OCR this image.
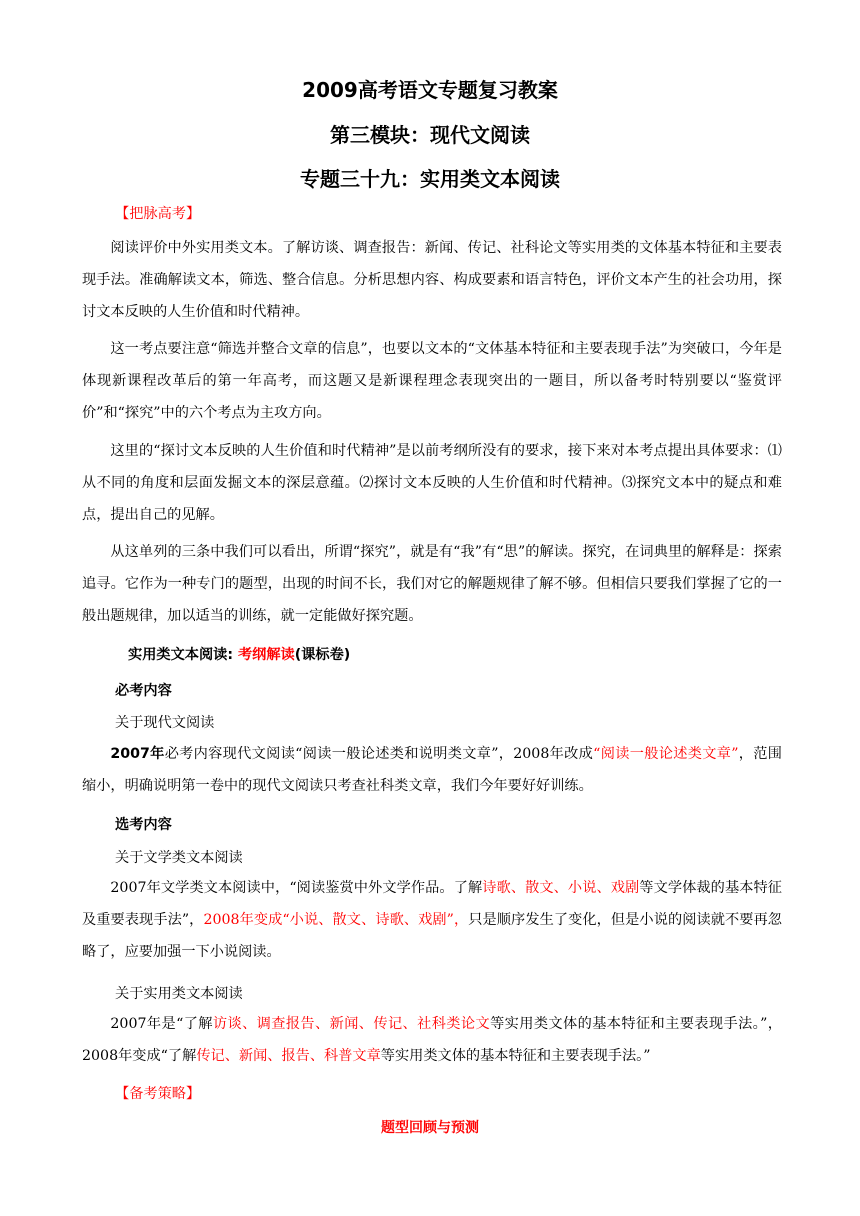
2009高考语文专题复习教案
第三模块：现代文阅读
专题三十九：实用类文本阅读
【把脉高考】

阅读评价中外实用类文本。了解访谈、调查报告：新闻、传记、社科论文等实用类的文体基本特征和主要表现手法。准确解读文本，筛选、整合信息。分析思想内容、构成要素和语言特色，评价文本产生的社会功用，探讨文本反映的人生价值和时代精神。

这一考点要注意“筛选并整合文章的信息”，也要以文本的“文体基本特征和主要表现手法”为突破口，今年是体现新课程改革后的第一年高考，而这题又是新课程理念表现突出的一题目，所以备考时特别要以“鉴赏评价”和“探究”中的六个考点为主攻方向。

这里的“探讨文本反映的人生价值和时代精神”是以前考纲所没有的要求，接下来对本考点提出具体要求：⑴从不同的角度和层面发掘文本的深层意蕴。⑵探讨文本反映的人生价值和时代精神。⑶探究文本中的疑点和难点，提出自己的见解。

从这单列的三条中我们可以看出，所谓“探究”，就是有“我”有“思”的解读。探究，在词典里的解释是：探索追寻。它作为一种专门的题型，出现的时间不长，我们对它的解题规律了解不够。但相信只要我们掌握了它的一般出题规律，加以适当的训练，就一定能做好探究题。

实用类文本阅读: 考纲解读(课标卷)
必考内容
关于现代文阅读

2007年必考内容现代文阅读“阅读一般论述类和说明类文章”，2008年改成“阅读一般论述类文章”，范围缩小，明确说明第一卷中的现代文阅读只考查社科类文章，我们今年要好好训练。

选考内容
关于文学类文本阅读

2007年文学类文本阅读中，“阅读鉴赏中外文学作品。了解诗歌、散文、小说、戏剧等文学体裁的基本特征及重要表现手法”，2008年变成“小说、散文、诗歌、戏剧”，只是顺序发生了变化，但是小说的阅读就不要再忽略了，应要加强一下小说阅读。

关于实用类文本阅读

2007年是“了解访谈、调查报告、新闻、传记、社科类论文等实用类文体的基本特征和主要表现手法。”，2008年变成“了解传记、新闻、报告、科普文章等实用类文体的基本特征和主要表现手法。”

【备考策略】
题型回顾与预测
